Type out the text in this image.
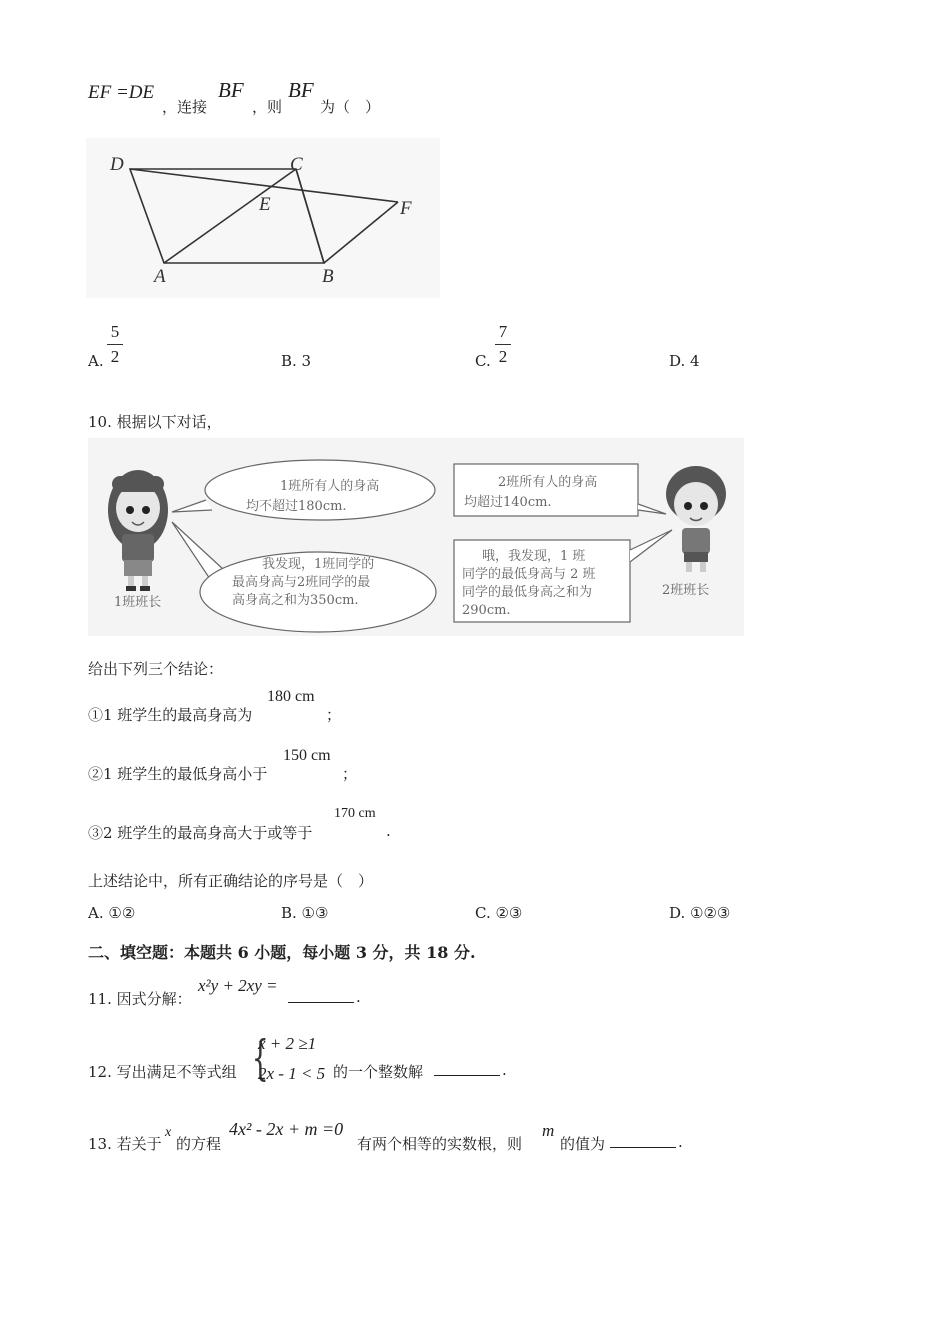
EF =DE
，连接
BF
，则
BF
为（　）
D	C
E	F
A	B
A.
5
2	B. 3	C.
7
2	D. 4
10. 根据以下对话，
1班班长
1班所有人的身高
均不超过180cm.
我发现，1班同学的
最高身高与2班同学的最
高身高之和为350cm.
2班所有人的身高
均超过140cm.
哦，我发现，1 班
同学的最低身高与 2 班
同学的最低身高之和为
290cm.
2班班长
给出下列三个结论：
①1 班学生的最高身高为
180 cm
；
②1 班学生的最低身高小于
150 cm
；
③2 班学生的最高身高大于或等于
170 cm
.
上述结论中，所有正确结论的序号是（　）
A. ①②	B. ①③	C. ②③	D. ①②③
二、填空题：本题共 6 小题，每小题 3 分，共 18 分.
11. 因式分解：
x²y + 2xy =
.
12. 写出满足不等式组 {
x + 2 ≥1
2x - 1 < 5 的一个整数解	.
13. 若关于
x
的方程
4x² - 2x + m =0
有两个相等的实数根，则
m
的值为	.
